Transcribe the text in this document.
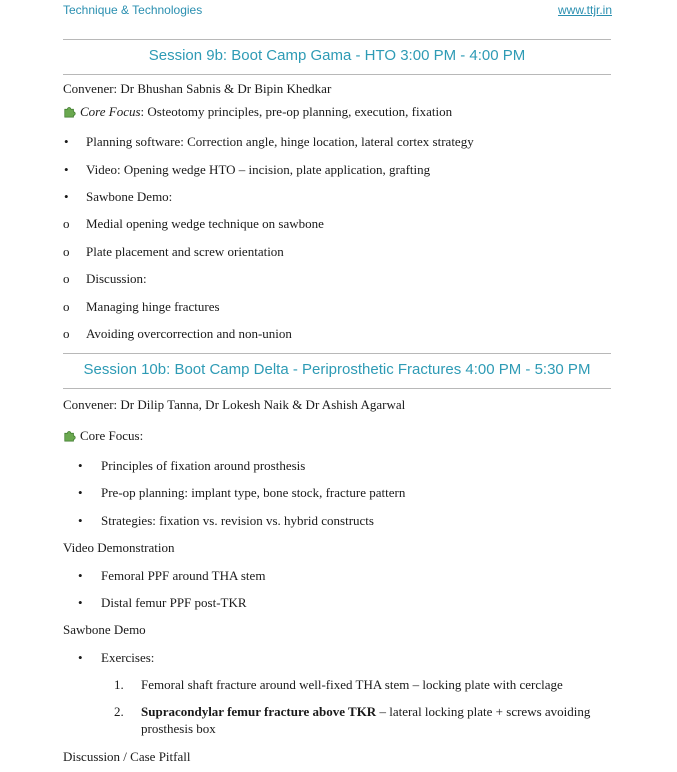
Technique & Technologies	www.ttjr.in
Session 9b: Boot Camp Gama - HTO 3:00 PM - 4:00 PM
Convener: Dr Bhushan Sabnis & Dr Bipin Khedkar
Core Focus: Osteotomy principles, pre-op planning, execution, fixation
• Planning software: Correction angle, hinge location, lateral cortex strategy
• Video: Opening wedge HTO – incision, plate application, grafting
• Sawbone Demo:
o Medial opening wedge technique on sawbone
o Plate placement and screw orientation
o Discussion:
o Managing hinge fractures
o Avoiding overcorrection and non-union
Session 10b: Boot Camp Delta - Periprosthetic Fractures 4:00 PM - 5:30 PM
Convener: Dr Dilip Tanna, Dr Lokesh Naik & Dr Ashish Agarwal
Core Focus:
• Principles of fixation around prosthesis
• Pre-op planning: implant type, bone stock, fracture pattern
• Strategies: fixation vs. revision vs. hybrid constructs
Video Demonstration
• Femoral PPF around THA stem
• Distal femur PPF post-TKR
Sawbone Demo
• Exercises:
1. Femoral shaft fracture around well-fixed THA stem – locking plate with cerclage
2. Supracondylar femur fracture above TKR – lateral locking plate + screws avoiding
prosthesis box
Discussion / Case Pitfall
